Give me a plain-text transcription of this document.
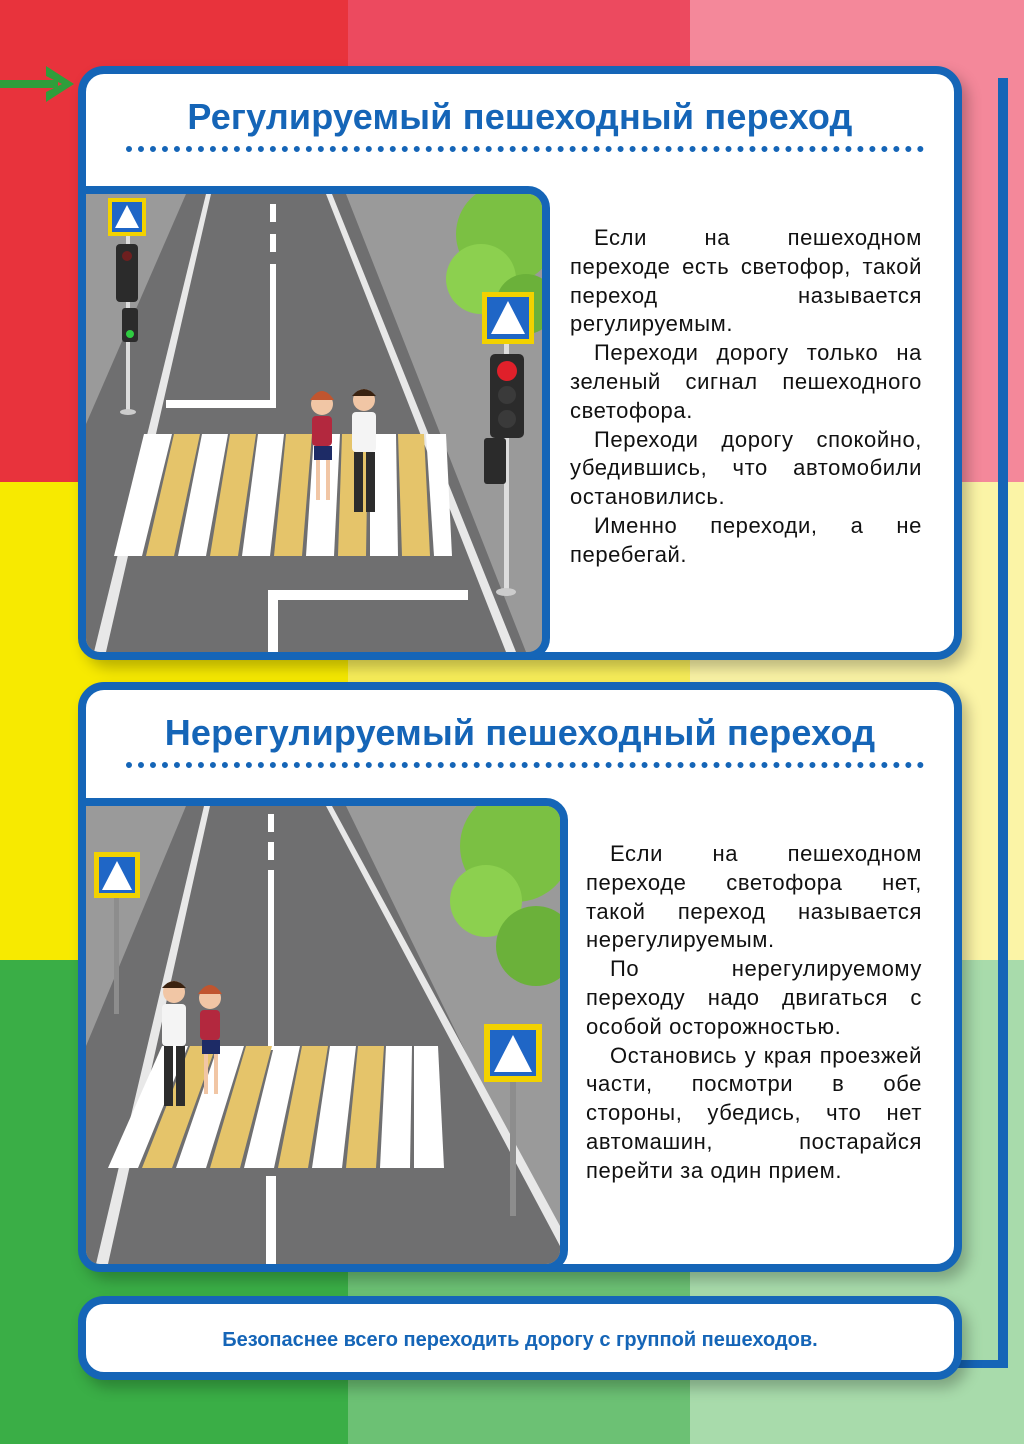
Регулируемый пешеходный переход

Если на пешеходном переходе есть светофор, такой переход называется регулируемым.

Переходи дорогу только на зеленый сигнал пешеходного светофора.

Переходи дорогу спокойно, убедившись, что автомобили остановились.

Именно переходи, а не перебегай.

Нерегулируемый пешеходный переход

Если на пешеходном переходе светофора нет, такой переход называется нерегулируемым.

По нерегулируемому переходу надо двигаться с особой осторожностью.

Остановись у края проезжей части, посмотри в обе стороны, убедись, что нет автомашин, постарайся перейти за один прием.

Безопаснее всего переходить дорогу с группой пешеходов.
